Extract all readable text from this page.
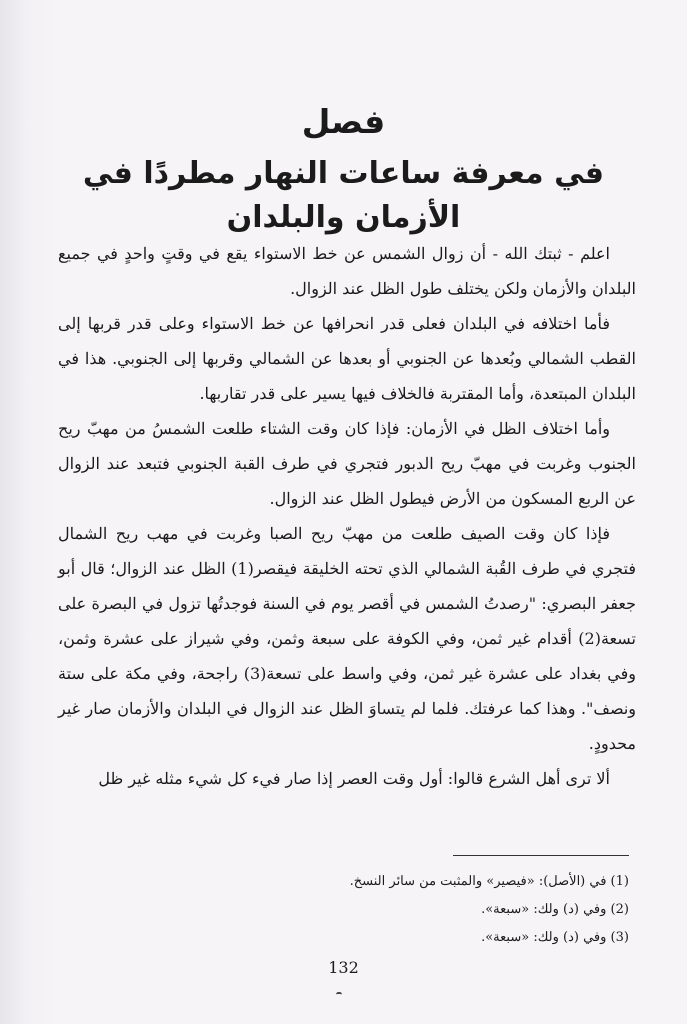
فصل
في معرفة ساعات النهار مطردًا في الأزمان والبلدان

اعلم - ثبتك الله - أن زوال الشمس عن خط الاستواء يقع في وقتٍ واحدٍ في جميع البلدان والأزمان ولكن يختلف طول الظل عند الزوال.

فأما اختلافه في البلدان فعلى قدر انحرافها عن خط الاستواء وعلى قدر قربها إلى القطب الشمالي وبُعدها عن الجنوبي أو بعدها عن الشمالي وقربها إلى الجنوبي. هذا في البلدان المبتعدة، وأما المقتربة فالخلاف فيها يسير على قدر تقاربها.

وأما اختلاف الظل في الأزمان: فإذا كان وقت الشتاء طلعت الشمسُ من مهبّ ريح الجنوب وغربت في مهبّ ريح الدبور فتجري في طرف القبة الجنوبي فتبعد عند الزوال عن الربع المسكون من الأرض فيطول الظل عند الزوال.

فإذا كان وقت الصيف طلعت من مهبّ ريح الصبا وغربت في مهب ريح الشمال فتجري في طرف القُبة الشمالي الذي تحته الخليقة فيقصر(1) الظل عند الزوال؛ قال أبو جعفر البصري: "رصدتُ الشمس في أقصر يوم في السنة فوجدتُها تزول في البصرة على تسعة(2) أقدام غير ثمن، وفي الكوفة على سبعة وثمن، وفي شيراز على عشرة وثمن، وفي بغداد على عشرة غير ثمن، وفي واسط على تسعة(3) راجحة، وفي مكة على ستة ونصف". وهذا كما عرفتك. فلما لم يتساوَ الظل عند الزوال في البلدان والأزمان صار غير محدودٍ.

ألا ترى أهل الشرع قالوا: أول وقت العصر إذا صار فيء كل شيء مثله غير ظل

(1) في (الأصل): «فيصير» والمثبت من سائر النسخ.
(2) وفي (د) ولك: «سبعة».
(3) وفي (د) ولك: «سبعة».
132
